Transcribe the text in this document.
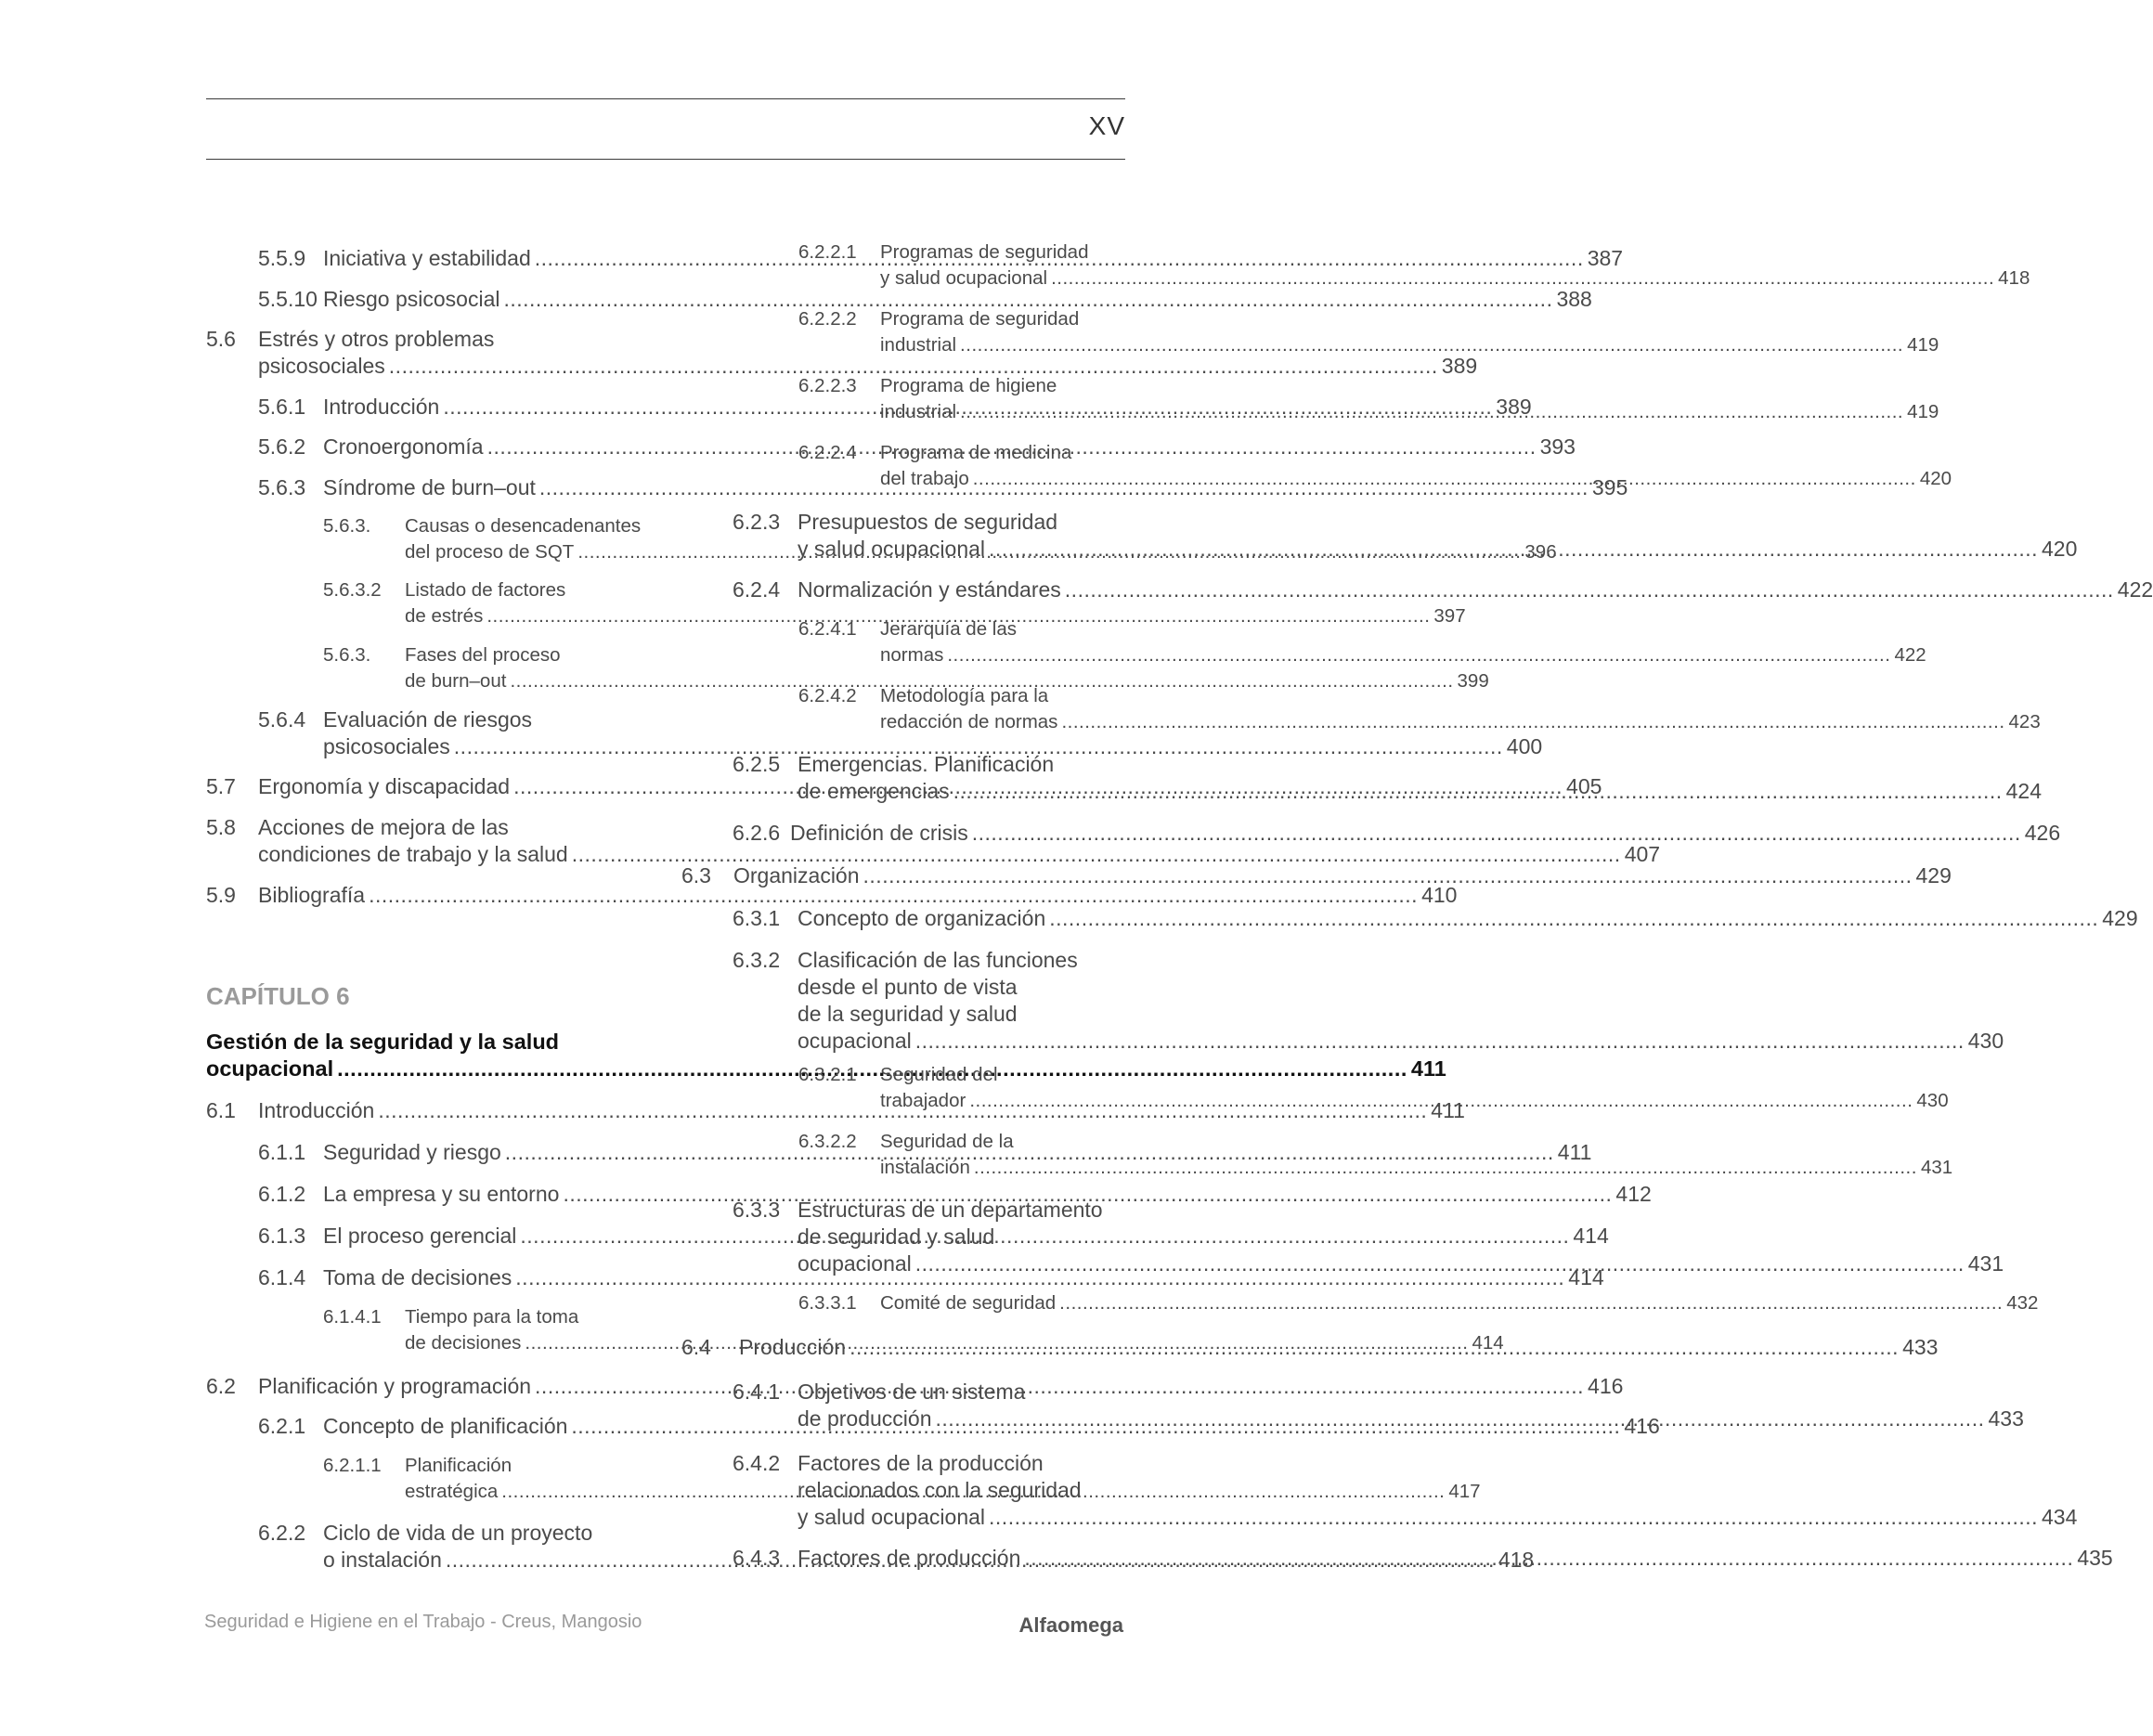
XV
CAPÍTULO 6
Gestión de la seguridad y la salud
ocupacional .....	411
Seguridad e Higiene en el Trabajo - Creus, Mangosio	Alfaomega
5.5.9 Iniciativa y estabilidad .....	387
5.5.10 Riesgo psicosocial .....	388
5.6	Estrés y otros problemas
psicosociales .....	389
5.6.1 Introducción .....	389
5.6.2 Cronoergonomía .....	393
5.6.3 Síndrome de burn–out .....	395
5.6.3.	Causas o desencadenantes
del proceso de SQT .....	396
5.6.3.2	Listado de factores
de estrés .....	397
5.6.3.	Fases del proceso
de burn–out .....	399
5.6.4 Evaluación de riesgos
psicosociales .....	400
5.7	Ergonomía y discapacidad .....	405
5.8	Acciones de mejora de las
condiciones de trabajo y la salud .....	407
5.9	Bibliografía .....	410
6.1	Introducción .....	411
6.1.1 Seguridad y riesgo .....	411
6.1.2 La empresa y su entorno .....	412
6.1.3 El proceso gerencial .....	414
6.1.4 Toma de decisiones .....	414
6.1.4.1	Tiempo para la toma
de decisiones .....	414
6.2	Planificación y programación .....	416
6.2.1 Concepto de planificación .....	416
6.2.1.1	Planificación
estratégica .....	417
6.2.2 Ciclo de vida de un proyecto
o instalación .....	418
6.2.2.1	Programas de seguridad
y salud ocupacional .....	418
6.2.2.2	Programa de seguridad
industrial .....	419
6.2.2.3	Programa de higiene
industrial .....	419
6.2.2.4	Programa de medicina
del trabajo .....	420
6.2.3 Presupuestos de seguridad
y salud ocupacional .....	420
6.2.4 Normalización y estándares .....	422
6.2.4.1	Jerarquía de las
normas .....	422
6.2.4.2	Metodología para la
redacción de normas .....	423
6.2.5 Emergencias. Planificación
de emergencias .....	424
6.2.6 Definición de crisis .....	426
6.3	Organización .....	429
6.3.1 Concepto de organización .....	429
6.3.2 Clasificación de las funciones
desde el punto de vista
de la seguridad y salud
ocupacional .....	430
6.3.2.1	Seguridad del
trabajador .....	430
6.3.2.2	Seguridad de la
instalación .....	431
6.3.3 Estructuras de un departamento
de seguridad y salud
ocupacional .....	431
6.3.3.1	Comité de seguridad .....	432
6.4	Producción .....	433
6.4.1 Objetivos de un sistema
de producción .....	433
6.4.2 Factores de la producción
relacionados con la seguridad
y salud ocupacional .....	434
6.4.3 Factores de producción .....	435
